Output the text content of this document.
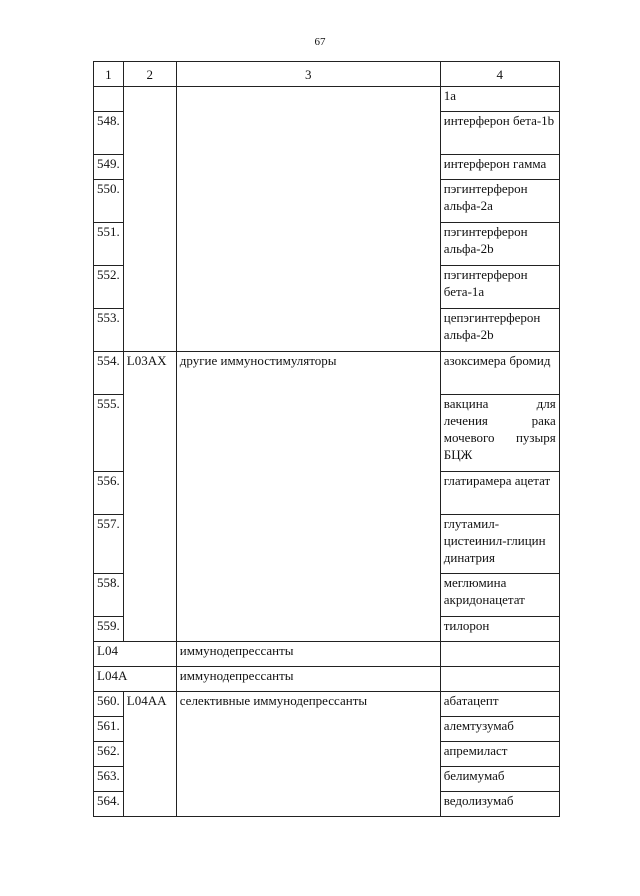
67
1	2	3	4
			1a
548.			интерферон бета-1b
549.			интерферон гамма
550.			пэгинтерферон альфа-2a
551.			пэгинтерферон альфа-2b
552.			пэгинтерферон бета-1a
553.			цепэгинтерферон альфа-2b
554.	L03AX	другие иммуностимуляторы	азоксимера бромид
555.			вакцина для лечения рака мочевого пузыря БЦЖ
556.			глатирамера ацетат
557.			глутамил-цистеинил-глицин динатрия
558.			меглюмина акридонацетат
559.			тилорон
L04		иммунодепрессанты	
L04A		иммунодепрессанты	
560.	L04AA	селективные иммунодепрессанты	абатацепт
561.			алемтузумаб
562.			апремиласт
563.			белимумаб
564.			ведолизумаб
